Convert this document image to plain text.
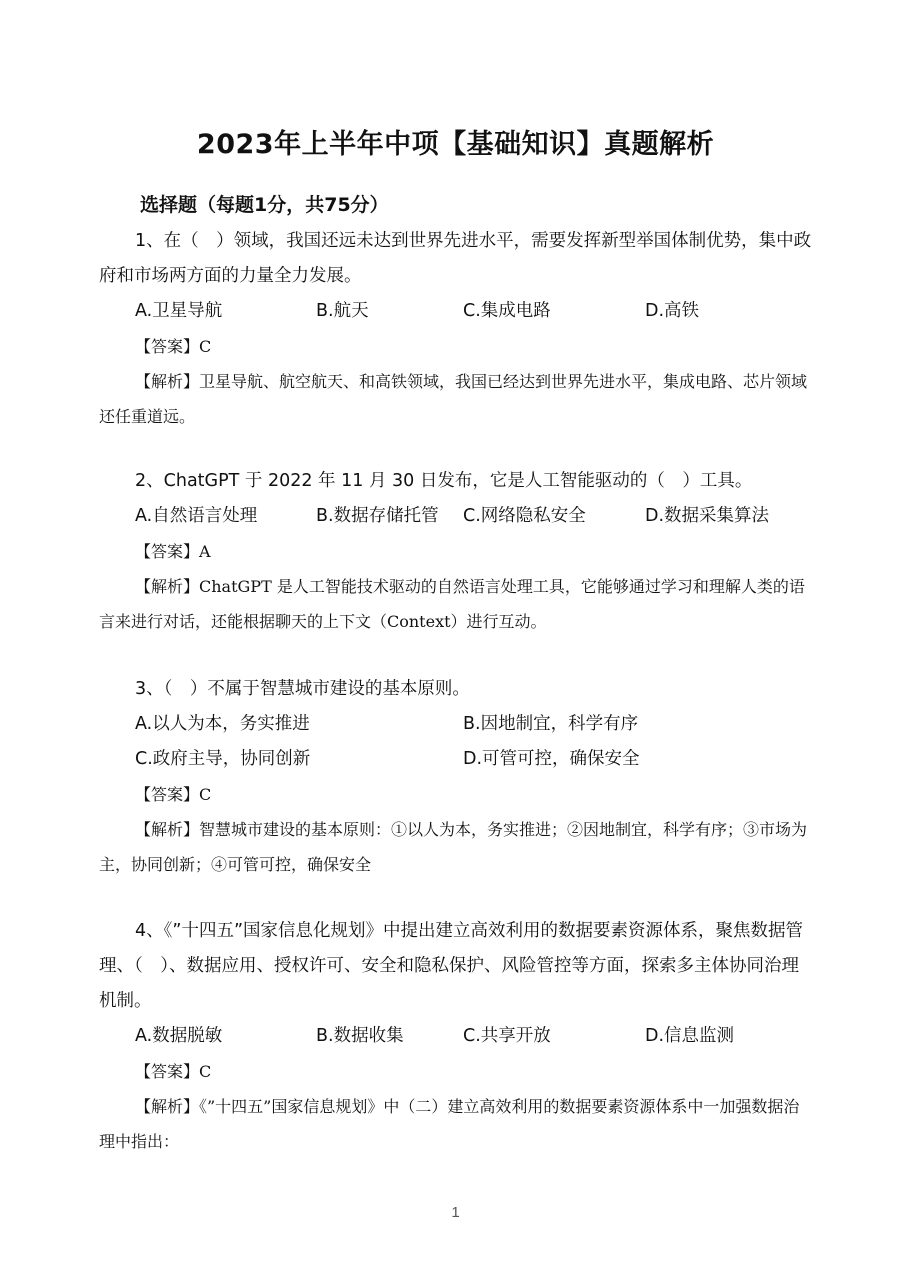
2023年上半年中项【基础知识】真题解析
选择题（每题1分，共75分）

1、在（　）领域，我国还远未达到世界先进水平，需要发挥新型举国体制优势，集中政府和市场两方面的力量全力发展。

A.卫星导航	B.航天	C.集成电路	D.高铁
【答案】C

【解析】卫星导航、航空航天、和高铁领域，我国已经达到世界先进水平，集成电路、芯片领域还任重道远。

2、ChatGPT 于 2022 年 11 月 30 日发布，它是人工智能驱动的（　）工具。

A.自然语言处理	B.数据存储托管 C.网络隐私安全	D.数据采集算法
【答案】A

【解析】ChatGPT 是人工智能技术驱动的自然语言处理工具，它能够通过学习和理解人类的语言来进行对话，还能根据聊天的上下文（Context）进行互动。

3、（　）不属于智慧城市建设的基本原则。

A.以人为本，务实推进	B.因地制宜，科学有序
C.政府主导，协同创新	D.可管可控，确保安全
【答案】C

【解析】智慧城市建设的基本原则：①以人为本，务实推进；②因地制宜，科学有序；③市场为主，协同创新；④可管可控，确保安全

4、《”十四五”国家信息化规划》中提出建立高效利用的数据要素资源体系，聚焦数据管理、（　）、数据应用、授权许可、安全和隐私保护、风险管控等方面，探索多主体协同治理机制。

A.数据脱敏	B.数据收集	C.共享开放	D.信息监测
【答案】C

【解析】《”十四五”国家信息规划》中（二）建立高效利用的数据要素资源体系中一加强数据治理中指出：

1
